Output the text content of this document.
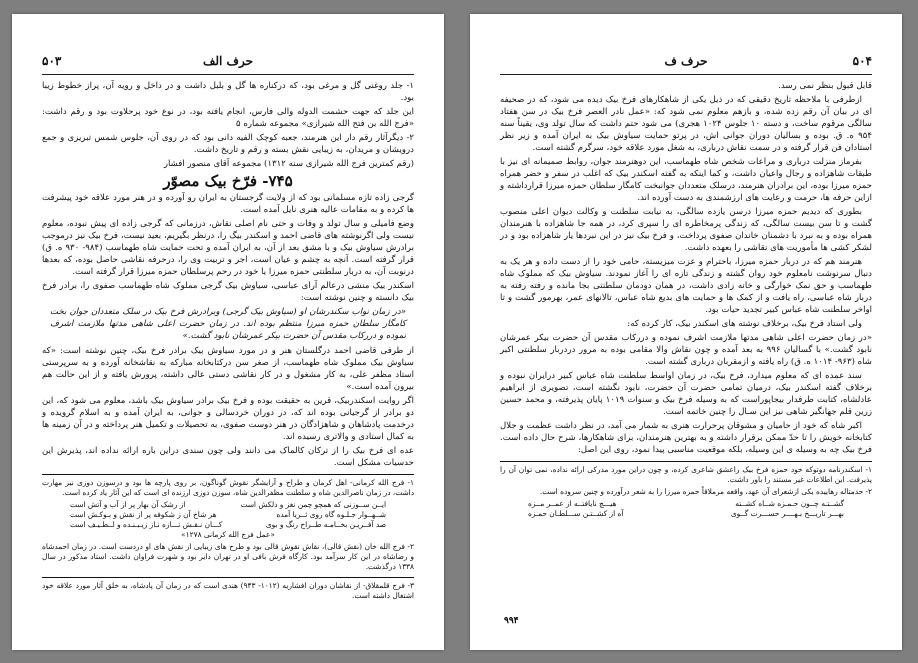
۵۰۳	حرف الف

۱- جلد روغنی گل و مرغی بود، که درکناره ها گل و بلبل داشت و در داخل و رویه آن، پراز خطوط زیبا بود.

این جلد که جهت حشمت الدوله والی فارس، انجام یافته بود، در نوع خود پرحلاوت بود و رقم داشت: «فرج الله بن فتح الله شیرازی» مجموعه شماره ۵

۲- دیگرآثار رقم دار این هنرمند، جعبه کوچک الفیه دانی بود که در روی آن، جلوس شمس تبریزی و جمع درویشان و مریدان، به زیبایی نقش بسته و رقم و تاریخ داشت.

(رقم کمترین فرج الله شیرازی سنه ۱۳۱۲) مجموعه آقای منصور افشار

۷۴۵- فرّخ بیک مصوّر

گرجی زاده تازه مسلمانی بود که از ولایت گرجستان به ایران رو آورده و در هنر مورد علاقه خود پیشرفت ها کرده و به مقامات عالیه هنری نایل آمده است.

وضع فامیلی و سال تولد و وفات و حتی نام اصلی نقاش، درزمانی که گرجی زاده ای پیش نبوده، معلوم نیست ولی اگرنوشته های قاضی احمد و اسکندر بیگ را، درنظر بگیریم، بعید نیست، فرخ بیک نیز درموجب برادرش سیاوش بیک و با مشق بعد از آن، به ایران آمده و تحت حمایت شاه طهماسب (۹۸۴- ۹۳۰ ه. ق) قرار گرفته است. آنچه به چشم و عیان است، اجر و تربیت وی را، درحرفه نقاشی حاصل بوده، که بعدها درنوبت آن، به دربار سلطنتی حمزه میرزا یا خود در رحم پرسلطان حمزه میرزا قرار گرفته است.

اسکندر بیک منشی درعالم آرای عباسی، سیاوش بیک گرجی مملوک شاه طهماسب صفوی را، برادر فرخ بیک دانسته و چنین نوشته است:

«در زمان نواب سکندرشان او (سیاوش بیک گرجی) وبرادرش فرخ بیک در سلک متعددان جوان بخت کامگار سلطان حمزه میرزا منتظم بوده اند. در زمان حضرت اعلی شاهی مدتها ملازمت اشرف نموده و دررکاب مقدس آن حضرت بیکر عمرشان نابود گشت.»

از طرفی قاضی احمد درگلستان هنر و در مورد سیاوش بیک برادر فرخ بیک، چنین نوشته است: «که سیاوش بیک مملوک شاه طهماسب، از صغر سن درکتابخانه مبارکه به نقاشخانه آورده و به سرپرستی استاد مظفر علی، به کار مشغول و در کار نقاشی دستی عالی داشته، پرورش یافته و از این حالت هم بیرون آمده است.»

اگر روایت اسکندربیک، قرین به حقیقت بوده و فرخ بیک برادر سیاوش بیک باشد، معلوم می شود که، این دو برادر از گرجیانی بوده اند که، در دوران خردسالی و جوانی، به ایران آمده و به اسلام گرویده و درخدمت پادشاهان و شاهزادگان در هنر دوست صفوی، به تحصیلات و تکمیل هنر پرداخته و در آن زمینه ها به کمال استادی و والاتری رسیده اند.

عده ای فرخ بیک را از ترکان کالماک می دانند ولی چون سندی دراین باره ارائه نداده اند، پذیرش این حدسیات مشکل است.

۱- فرج الله کرمانی- اهل کرمان و طراح و آرایشگر نقوش گوناگون، بر روی پارچه ها بود و درسوزن دوزی نیز مهارت داشت، در زمان ناصرالدین شاه و سلطنت مظفرالدین شاه، سوزن دوزی ارزنده ای است که این آثار یاد کرده است.

ایــن ســوزنی که همچو چمن نغز و دلکش است
از رشک آن بهار پر از آب و آتش است
شــهــوار جـلـوه گاه روی ثــریا آمده
هر شاخ آن ز شکوفه پر از نقش و بـوکـش است
صد آفــریـن بخــامـه طــراح رنگ و بوی
کـــان نـقـش تـــازه نـاز زیـبـنـده و لــطـیـف است

«عمل فرج الله کرمانی ۱۲۷۸»

۲- فرج الله خان (نقش قالی)، نقاش نقوش قالی بود و طرح های زیبایی از نقش های او دردست است. در زمان احمدشاه و رضاشاه در این کار سرآمد بود. کارگاه فرش بافی او در تهران دایر بود و شهرت فراوان داشت. استاد مذکور در سال ۱۳۳۸ درگذشت.

۳- فرج قلمقلاق- از نقاشان دوران افشاریه (۱۰۱۲- ۹۴۳) هندی است که در زمان آن پادشاه، به خلق آثار مورد علاقه خود اشتغال داشته است.

۵۰۴
حرف ف

قابل قبول بنظر نمی رسد.

ازطرفی با ملاحظه تاریخ دقیقی که در ذیل یکی از شاهکارهای فرخ بیک دیده می شود، که در صحیفه ای در بیان آن رقم زده شده، و بازهم معلوم نمی شود که: «عمل نادر العصر فرخ بیک در سن هفتاد سالگی مرقوم ساخت، و دسته ۱۰ جلوس ۱۰۲۴ هجری) می شود حتم داشت که سال تولد وی، یقیناً سنه ۹۵۴ ه. ق. بوده و بسالیان دوران جوانی اش، در پرتو حمایت سیاوش بیک به ایران آمده و زیر نظر استادان فن قرار گرفته و در سمت نقاش درباری، به شغل مورد علاقه خود، سرگرم گشته است.

بفرماز منزلت درباری و مراعات شخص شاه طهماسب، این دوهنرمند جوان، روابط صمیمانه ای نیز با طبقات شاهزاده و رجال واعیان داشت، و کما اینکه به گفته اسکندر بیک که اغلب در سفر و حضر همراه حمزه میرزا بوده، این برادران هنرمند، درسلک متعددان جوانبخت کامگار سلطان حمزه میرزا قرارداشته و ازاین حرفه ها، حرمت و رعایت های ارزشمندی به دست آورده اند.

بطوری که دیدیم حمزه میرزا درسن یازده سالگی، به نیابت سلطنت و وکالت دیوان اعلی منصوب گشت و تا سن بیست سالگی، که زندگی پرمخاطره ای را سپری کرد، در همه جا شاهزاده با هنرمندان همراه بوده و به نبرد با دشمنان خاندان صفوی پرداخت، و فرخ بیک نیز در این نبردها یار شاهزاده بود و در لشکر کشی ها مأموریت های نقاشی را بعهده داشت.

هنرمند هم که در دربار حمزه میرزا، باحترام و عزت میزیسته، حامی خود را از دست داده و هر یک به دنبال سرنوشت نامعلوم خود روان گشته و زندگی تازه ای را آغاز نمودند. سیاوش بیک که مملوک شاه طهماسب و حق نمک خوارگی و خانه زادی داشت، در همان دودمان سلطنتی بجا مانده و رفته رفته به دربار شاه عباسی، راه یافت و از کمک ها و حمایت های بدیع شاه عباس، تالانهای عمر، بهرمور گشت و تا اواخر سلطنت شاه عباس کبیر تجدید حیات بود.

ولی استاد فرخ بیک، برخلاف نوشته های اسکندر بیک، کار کرده که:

«در زمان حضرت اعلی شاهی مدتها ملازمت اشرف نموده و دررکاب مقدس آن حضرت بیکر عمرشان نابود گشت.» با گسالیان ۹۹۶ به بعد آمده و چون نقاش والا مقامی بوده به مرور دردربار سلطنتی اکبر شاه (۹۶۳- ۱۰۱۴ ه. ق) راه یافته و ازمقربان درباری گشته است.

سند عمده ای که معلوم میدارد، فرخ بیک، در زمان اواسط سلطنت شاه عباس کبیر درایران نبوده و برخلاف گفته اسکندر بیک، درمیان تمامی حضرت آن حضرت، نابود نگشته است، تصویری از ابراهیم عادلشاه، کتابت طرفدار بیجاپوراست که به وسیله فرخ بیک و سنوات ۱۰۱۹ پایان پذیرفته، و محمد حسین زرین قلم جهانگیر شاهی نیز این سـال را چنین خاتمه است.

اکبر شاه که خود از حامیان و مشوقان پرحرارت هنری به شمار می آمد، در نظر داشت عظمت و جلال کتابخانه خویش را تا حدّ ممکن برقرار داشته و به بهترین هنرمندان، برای شاهکارها، شرح حال داده است. فرخ بیک چه به وسیله ی این وسیله، بلکه موقعیت مناسبی پیدا نمود، روی این اصل:

۱- اسکندرنامه دوتوکه خود حمزه فرخ بیک راعشق شاعری کرده، و چون دراین مورد مدرکی ارائه نداده، نمی توان آن را پذیرفت. این اطلاعات غیر مستند را باور داشت.

۲- حدمتاله رهاییده یکی ازشعرای آن عهد، واقعه مرملاقاً حمزه میرزا را به شعر درآورده و چنین سروده است.

گشــتـه چــون حـمـزه شــاه کشــته
هیـــچ نایافتــه از عمــر مــزه
بهـــر تاریـــخ بـهــــر حســـرت گــوی
آه از کشــتـن ســـلطـان حمـزه
۹۹۴
